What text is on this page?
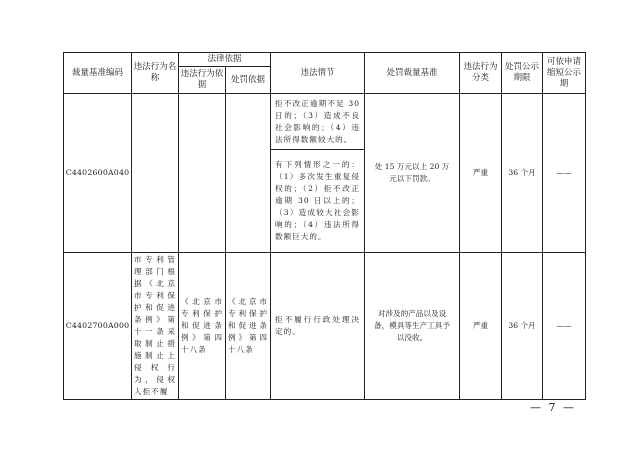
裁量基准编码	违法行为名称	法律依据		违法情节	处罚裁量基准	违法行为分类	处罚公示期限	可依申请缩短公示期
		违法行为依据	处罚依据					
C4402600A040				拒不改正逾期不足 30 日的；（3）造成不良社会影响的；（4）违法所得数额较大的。	处 15 万元以上 20 万元以下罚款。	严重	36 个月	——
				有下列情形之一的：（1）多次发生重复侵权的；（2）拒不改正逾期 30 日以上的；（3）造成较大社会影响的；（4）违法所得数额巨大的。				
C4402700A000	市专利管理部门根据《北京市专利保护和促进条例》第十一条采取制止措施制止上侵权行为，侵权人拒不履	《北京市专利保护和促进条例》第四十八条	《北京市专利保护和促进条例》第四十八条	拒不履行行政处理决定的。	对涉及的产品以及设备，模具等生产工具予以没收。	严重	36 个月	——
— 7 —
